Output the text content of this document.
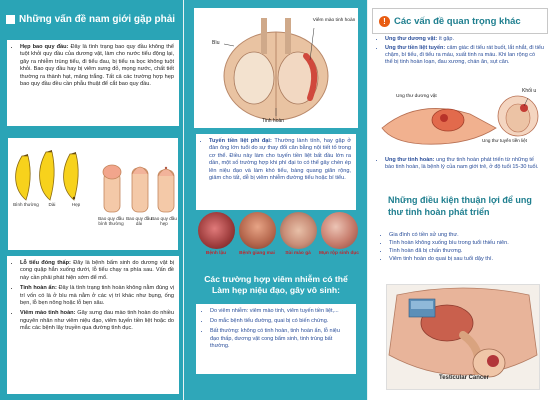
Những vấn đề nam giới gặp phải
• Hẹp bao quy đầu: Đây là tình trạng bao quy đầu không thể tuột khỏi quy đầu của dương vật, làm cho nước tiểu động lại, gây ra nhiễm trùng tiểu, đi tiểu đau, bị tiểu ra bọc không tuột khỏi. Bao quy đầu hay bị viêm sưng đỏ, mọng nước, chất tiết thường ra thành hạt, mảng trắng. Tất cả các trường hợp hẹp bao quy đầu đều cần phẫu thuật để cắt bao quy đầu.
Bình thường	Dài	Hẹp
Bao quy đầu bình thường
Bao quy đầu dài
Bao quy đầu hẹp
• Lỗ tiểu đóng thấp: Đây là bệnh bẩm sinh do dương vật bị cong quặp hẳn xuống dưới, lỗ tiểu chạy ra phía sau. Vấn đề này cần phải phát hiện sớm để mổ.
• Tinh hoàn ẩn: Đây là tình trạng tinh hoàn không nằm đúng vị trí vốn có là ở bìu mà nằm ở các vị trí khác như bụng, ống bẹn, lỗ bẹn nông hoặc lỗ bẹn sâu.
• Viêm mào tinh hoàn: Gây sưng đau mào tinh hoàn do nhiều nguyên nhân như viêm niệu đạo, viêm tuyến tiền liệt hoặc do mắc các bệnh lây truyền qua đường tình dục.
Viêm mào tinh hoàn
Bìu
Tinh hoàn
• Tuyến tiền liệt phì đại: Thường lành tính, hay gặp ở đàn ông lớn tuổi do sự thay đổi cân bằng nội tiết tố trong cơ thể. Điều này làm cho tuyến tiền liệt bất đầu lớn ra dần, một số trường hợp khi phì đại to có thể gây chèn ép lên niệu đạo và làm khó tiểu, bàng quang giãn rộng, giảm cho tất, dễ bị viêm nhiễm đường tiểu hoặc bí tiểu.
Bệnh lậu	Bệnh giang mai	Sùi mào gà	Mụn rộp sinh dục
Các trường hợp viêm nhiễm có thể Làm hẹp niệu đạo, gây vô sinh:
• Do viêm nhiễm: viêm mào tinh, viêm tuyến tiền liệt,...
• Do mắc bệnh tiểu đường, quai bị có biến chứng.
• Bất thường: không có tinh hoàn, tinh hoàn ẩn, lỗ niệu đạo thấp, dương vật cong bẩm sinh, tinh trùng bất thường.
! Các vấn đề quan trọng khác
• Ung thư dương vật: ít gặp.
• Ung thư tiền liệt tuyến: cảm giác đi tiểu rát buốt, lắt nhắt, đi tiểu chậm, bí tiểu, đi tiểu ra máu, xuất tinh ra máu. Khi lan rộng có thể bị tinh hoàn loạn, đau xương, chán ăn, sụt cân.
Ung thư dương vật
Khối u
Ung thư tuyến tiền liệt
• Ung thư tinh hoàn: ung thư tinh hoàn phát triển từ những tế bào tinh hoàn, là bệnh lý của nam giới trẻ, ở độ tuổi 15-30 tuổi.
Những điều kiện thuận lợi để ung thư tinh hoàn phát triển
• Gia đình có tiền sử ung thư.
• Tinh hoàn không xuống bìu trong tuổi thiếu niên.
• Tinh hoàn đã bị chấn thương.
• Viêm tinh hoàn do quai bị sau tuổi dậy thì.
Testicular Cancer
